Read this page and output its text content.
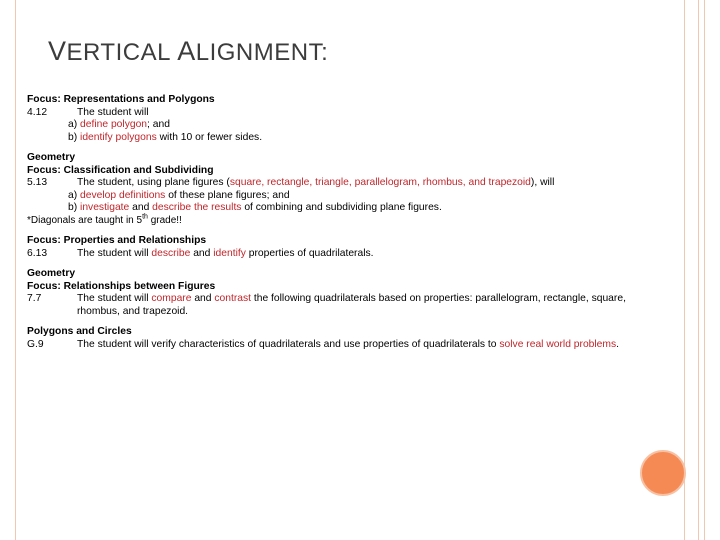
VERTICAL ALIGNMENT:
Focus: Representations and Polygons
4.12	The student will
a) define polygon; and
b) identify polygons with 10 or fewer sides.
Geometry
Focus: Classification and Subdividing
5.13	The student, using plane figures (square, rectangle, triangle, parallelogram, rhombus, and trapezoid), will
a) develop definitions of these plane figures; and
b) investigate and describe the results of combining and subdividing plane figures.
*Diagonals are taught in 5th grade!!
Focus: Properties and Relationships
6.13	The student will describe and identify properties of quadrilaterals.
Geometry
Focus: Relationships between Figures
7.7	The student will compare and contrast the following quadrilaterals based on properties: parallelogram, rectangle, square,
rhombus, and trapezoid.
Polygons and Circles
G.9	The student will verify characteristics of quadrilaterals and use properties of quadrilaterals to solve real world problems.
